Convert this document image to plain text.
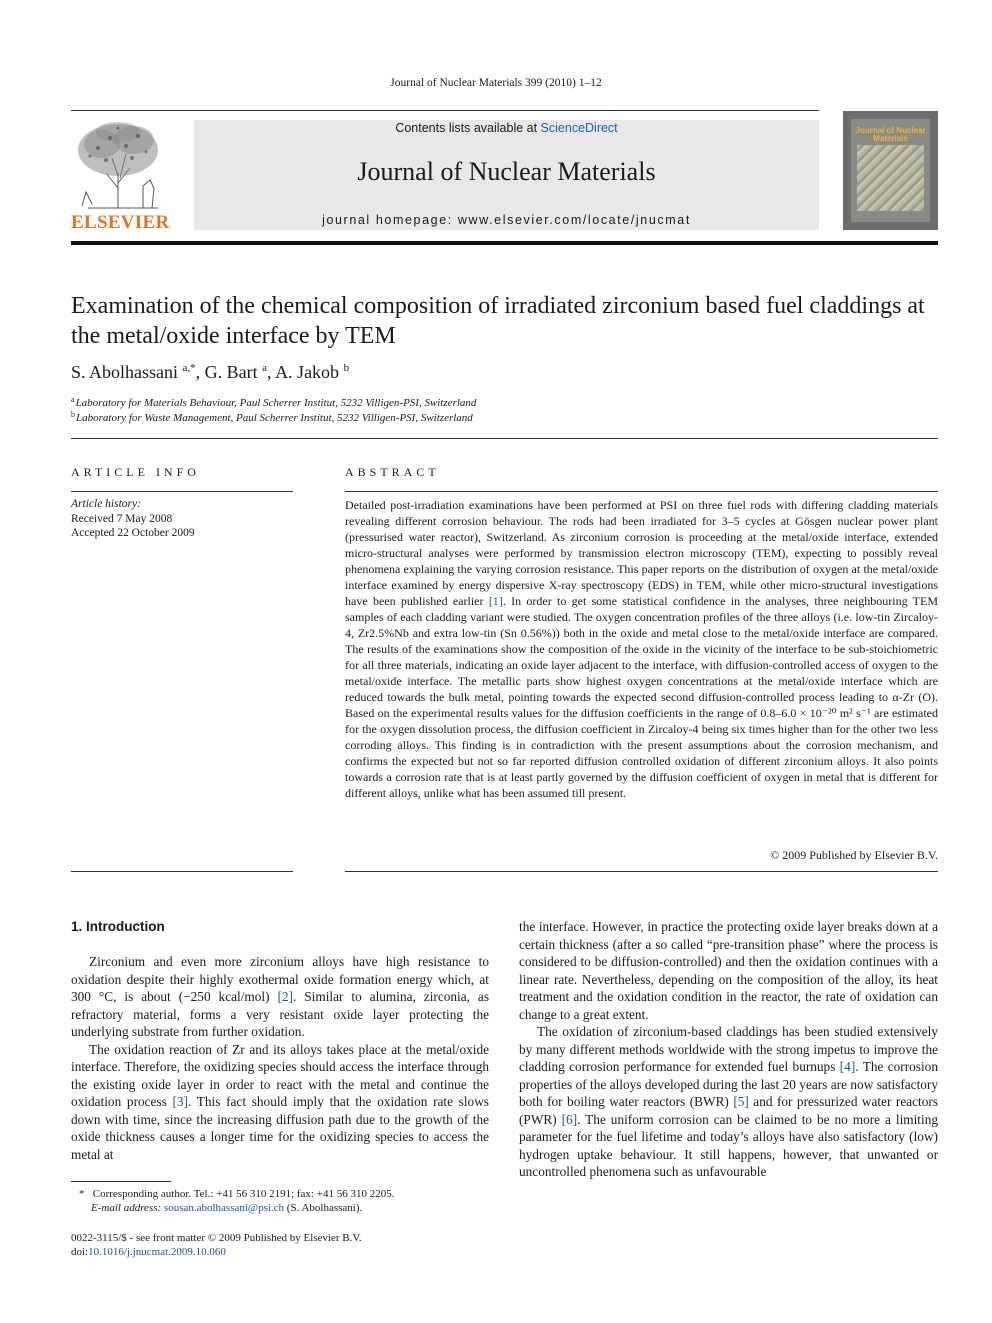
Journal of Nuclear Materials 399 (2010) 1–12
ELSEVIER
Contents lists available at ScienceDirect
Journal of Nuclear Materials
journal homepage: www.elsevier.com/locate/jnucmat
Journal of Nuclear Materials
Examination of the chemical composition of irradiated zirconium based fuel claddings at the metal/oxide interface by TEM
S. Abolhassani $^{a,*}$, G. Bart $^a$, A. Jakob $^b$
$^a$Laboratory for Materials Behaviour, Paul Scherrer Institut, 5232 Villigen-PSI, Switzerland
$^b$Laboratory for Waste Management, Paul Scherrer Institut, 5232 Villigen-PSI, Switzerland
ARTICLE INFO
Article history:
Received 7 May 2008
Accepted 22 October 2009
ABSTRACT
Detailed post-irradiation examinations have been performed at PSI on three fuel rods with differing cladding materials revealing different corrosion behaviour. The rods had been irradiated for 3–5 cycles at Gösgen nuclear power plant (pressurised water reactor), Switzerland. As zirconium corrosion is proceeding at the metal/oxide interface, extended micro-structural analyses were performed by transmission electron microscopy (TEM), expecting to possibly reveal phenomena explaining the varying corrosion resistance. This paper reports on the distribution of oxygen at the metal/oxide interface examined by energy dispersive X-ray spectroscopy (EDS) in TEM, while other micro-structural investigations have been published earlier [1]. In order to get some statistical confidence in the analyses, three neighbouring TEM samples of each cladding variant were studied. The oxygen concentration profiles of the three alloys (i.e. low-tin Zircaloy-4, Zr2.5%Nb and extra low-tin (Sn 0.56%)) both in the oxide and metal close to the metal/oxide interface are compared. The results of the examinations show the composition of the oxide in the vicinity of the interface to be sub-stoichiometric for all three materials, indicating an oxide layer adjacent to the interface, with diffusion-controlled access of oxygen to the metal/oxide interface. The metallic parts show highest oxygen concentrations at the metal/oxide interface which are reduced towards the bulk metal, pointing towards the expected second diffusion-controlled process leading to α-Zr (O). Based on the experimental results values for the diffusion coefficients in the range of 0.8–6.0 × 10⁻²⁰ m² s⁻¹ are estimated for the oxygen dissolution process, the diffusion coefficient in Zircaloy-4 being six times higher than for the other two less corroding alloys. This finding is in contradiction with the present assumptions about the corrosion mechanism, and confirms the expected but not so far reported diffusion controlled oxidation of different zirconium alloys. It also points towards a corrosion rate that is at least partly governed by the diffusion coefficient of oxygen in metal that is different for different alloys, unlike what has been assumed till present.
© 2009 Published by Elsevier B.V.
1. Introduction

Zirconium and even more zirconium alloys have high resistance to oxidation despite their highly exothermal oxide formation energy which, at 300 °C, is about (−250 kcal/mol) [2]. Similar to alumina, zirconia, as refractory material, forms a very resistant oxide layer protecting the underlying substrate from further oxidation.

The oxidation reaction of Zr and its alloys takes place at the metal/oxide interface. Therefore, the oxidizing species should access the interface through the existing oxide layer in order to react with the metal and continue the oxidation process [3]. This fact should imply that the oxidation rate slows down with time, since the increasing diffusion path due to the growth of the oxide thickness causes a longer time for the oxidizing species to access the metal at

the interface. However, in practice the protecting oxide layer breaks down at a certain thickness (after a so called “pre-transition phase” where the process is considered to be diffusion-controlled) and then the oxidation continues with a linear rate. Nevertheless, depending on the composition of the alloy, its heat treatment and the oxidation condition in the reactor, the rate of oxidation can change to a great extent.

The oxidation of zirconium-based claddings has been studied extensively by many different methods worldwide with the strong impetus to improve the cladding corrosion performance for extended fuel burnups [4]. The corrosion properties of the alloys developed during the last 20 years are now satisfactory both for boiling water reactors (BWR) [5] and for pressurized water reactors (PWR) [6]. The uniform corrosion can be claimed to be no more a limiting parameter for the fuel lifetime and today’s alloys have also satisfactory (low) hydrogen uptake behaviour. It still happens, however, that unwanted or uncontrolled phenomena such as unfavourable

* Corresponding author. Tel.: +41 56 310 2191; fax: +41 56 310 2205.
E-mail address: sousan.abolhassani@psi.ch (S. Abolhassani).
0022-3115/$ - see front matter © 2009 Published by Elsevier B.V.
doi:10.1016/j.jnucmat.2009.10.060
